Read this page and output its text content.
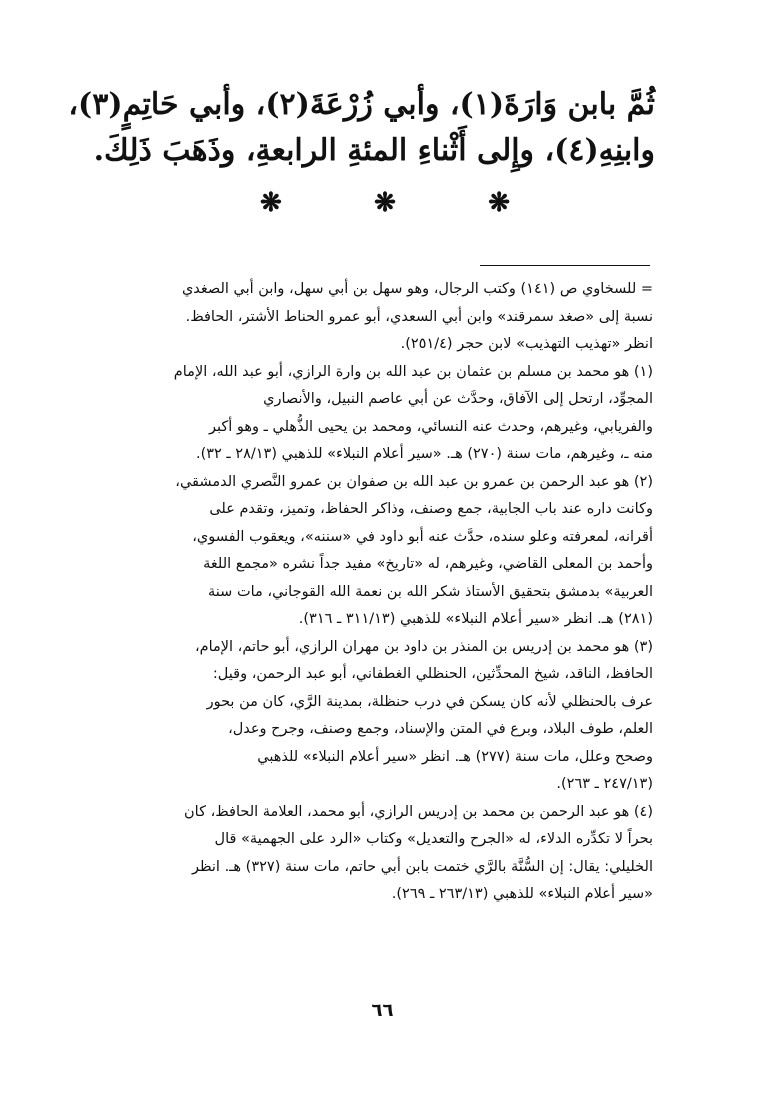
ثُمَّ بابن وَارَةَ(١)، وأبي زُرْعَةَ(٢)، وأبي حَاتِمٍ(٣)،
وابنِهِ(٤)، وإِلى أَثْناءِ المئةِ الرابعةِ، وذَهَبَ ذَلِكَ.
❋	❋	❋
= للسخاوي ص (١٤١) وكتب الرجال، وهو سهل بن أبي سهل، وابن أبي الصغدي
نسبة إلى «صغد سمرقند» وابن أبي السعدي، أبو عمرو الحناط الأشتر، الحافظ.
انظر «تهذيب التهذيب» لابن حجر (٢٥١/٤).
(١) هو محمد بن مسلم بن عثمان بن عبد الله بن وارة الرازي، أبو عبد الله، الإمام
المجوِّد، ارتحل إلى الآفاق، وحدَّث عن أبي عاصم النبيل، والأنصاري
والفريابي، وغيرهم، وحدث عنه النسائي، ومحمد بن يحيى الذُّهلي ـ وهو أكبر
منه ـ، وغيرهم، مات سنة (٢٧٠) هـ. «سير أعلام النبلاء» للذهبي (٢٨/١٣ ـ ٣٢).
(٢) هو عبد الرحمن بن عمرو بن عبد الله بن صفوان بن عمرو النَّصري الدمشقي،
وكانت داره عند باب الجابية، جمع وصنف، وذاكر الحفاظ، وتميز، وتقدم على
أقرانه، لمعرفته وعلو سنده، حدَّث عنه أبو داود في «سننه»، ويعقوب الفسوي،
وأحمد بن المعلى القاضي، وغيرهم، له «تاريخ» مفيد جداً نشره «مجمع اللغة
العربية» بدمشق بتحقيق الأستاذ شكر الله بن نعمة الله القوجاني، مات سنة
(٢٨١) هـ. انظر «سير أعلام النبلاء» للذهبي (٣١١/١٣ ـ ٣١٦).
(٣) هو محمد بن إدريس بن المنذر بن داود بن مهران الرازي، أبو حاتم، الإمام،
الحافظ، الناقد، شيخ المحدِّثين، الحنظلي الغطفاني، أبو عبد الرحمن، وقيل:
عرف بالحنظلي لأنه كان يسكن في درب حنظلة، بمدينة الرَّي، كان من بحور
العلم، طوف البلاد، وبرع في المتن والإسناد، وجمع وصنف، وجرح وعدل،
وصحح وعلل، مات سنة (٢٧٧) هـ. انظر «سير أعلام النبلاء» للذهبي
(٢٤٧/١٣ ـ ٢٦٣).
(٤) هو عبد الرحمن بن محمد بن إدريس الرازي، أبو محمد، العلامة الحافظ، كان
بحراً لا تكدِّره الدلاء، له «الجرح والتعديل» وكتاب «الرد على الجهمية» قال
الخليلي: يقال: إن السُّنَّة بالرَّي ختمت بابن أبي حاتم، مات سنة (٣٢٧) هـ. انظر
«سير أعلام النبلاء» للذهبي (٢٦٣/١٣ ـ ٢٦٩).
٦٦
